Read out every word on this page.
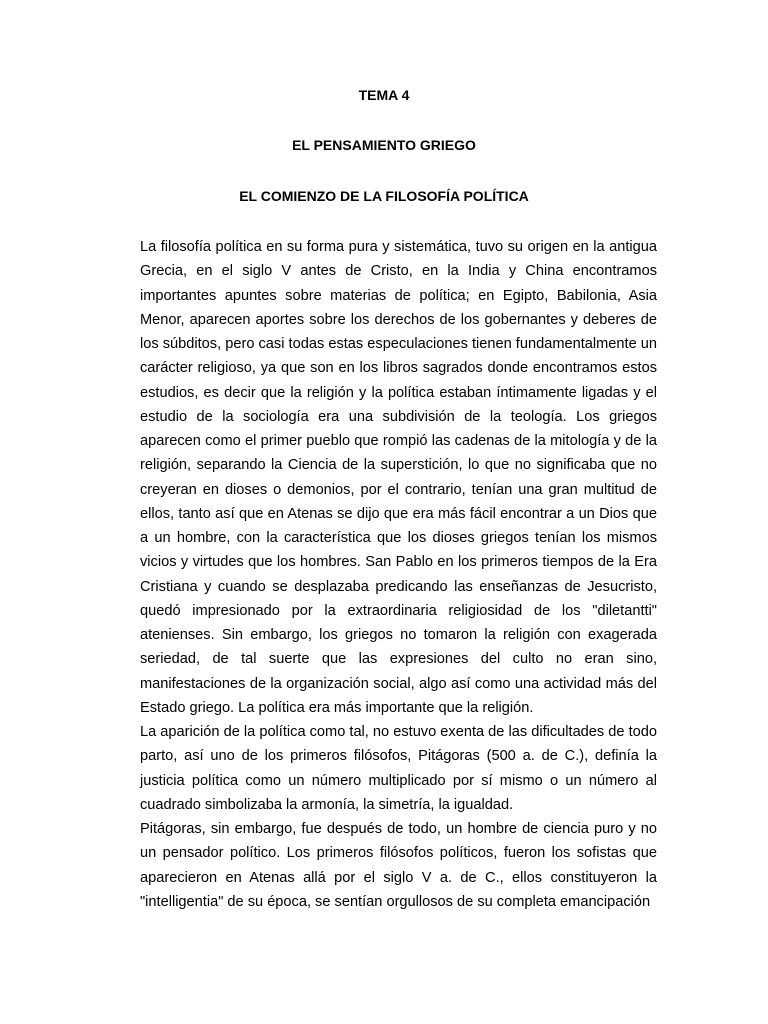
TEMA 4
EL PENSAMIENTO GRIEGO
EL COMIENZO DE LA FILOSOFÍA POLÍTICA

La filosofía política en su forma pura y sistemática, tuvo su origen en la antigua Grecia, en el siglo V antes de Cristo, en la India y China encontramos importantes apuntes sobre materias de política; en Egipto, Babilonia, Asia Menor, aparecen aportes sobre los derechos de los gobernantes y deberes de los súbditos, pero casi todas estas especulaciones tienen fundamentalmente un carácter religioso, ya que son en los libros sagrados donde encontramos estos estudios, es decir que la religión y la política estaban íntimamente ligadas y el estudio de la sociología era una subdivisión de la teología. Los griegos aparecen como el primer pueblo que rompió las cadenas de la mitología y de la religión, separando la Ciencia de la superstición, lo que no significaba que no creyeran en dioses o demonios, por el contrario, tenían una gran multitud de ellos, tanto así que en Atenas se dijo que era más fácil encontrar a un Dios que a un hombre, con la característica que los dioses griegos tenían los mismos vicios y virtudes que los hombres. San Pablo en los primeros tiempos de la Era Cristiana y cuando se desplazaba predicando las enseñanzas de Jesucristo, quedó impresionado por la extraordinaria religiosidad de los "diletantti" atenienses. Sin embargo, los griegos no tomaron la religión con exagerada seriedad, de tal suerte que las expresiones del culto no eran sino, manifestaciones de la organización social, algo así como una actividad más del Estado griego. La política era más importante que la religión.

La aparición de la política como tal, no estuvo exenta de las dificultades de todo parto, así uno de los primeros filósofos, Pitágoras (500 a. de C.), definía la justicia política como un número multiplicado por sí mismo o un número al cuadrado simbolizaba la armonía, la simetría, la igualdad.

Pitágoras, sin embargo, fue después de todo, un hombre de ciencia puro y no un pensador político. Los primeros filósofos políticos, fueron los sofistas que aparecieron en Atenas allá por el siglo V a. de C., ellos constituyeron la "intelligentia" de su época, se sentían orgullosos de su completa emancipación
